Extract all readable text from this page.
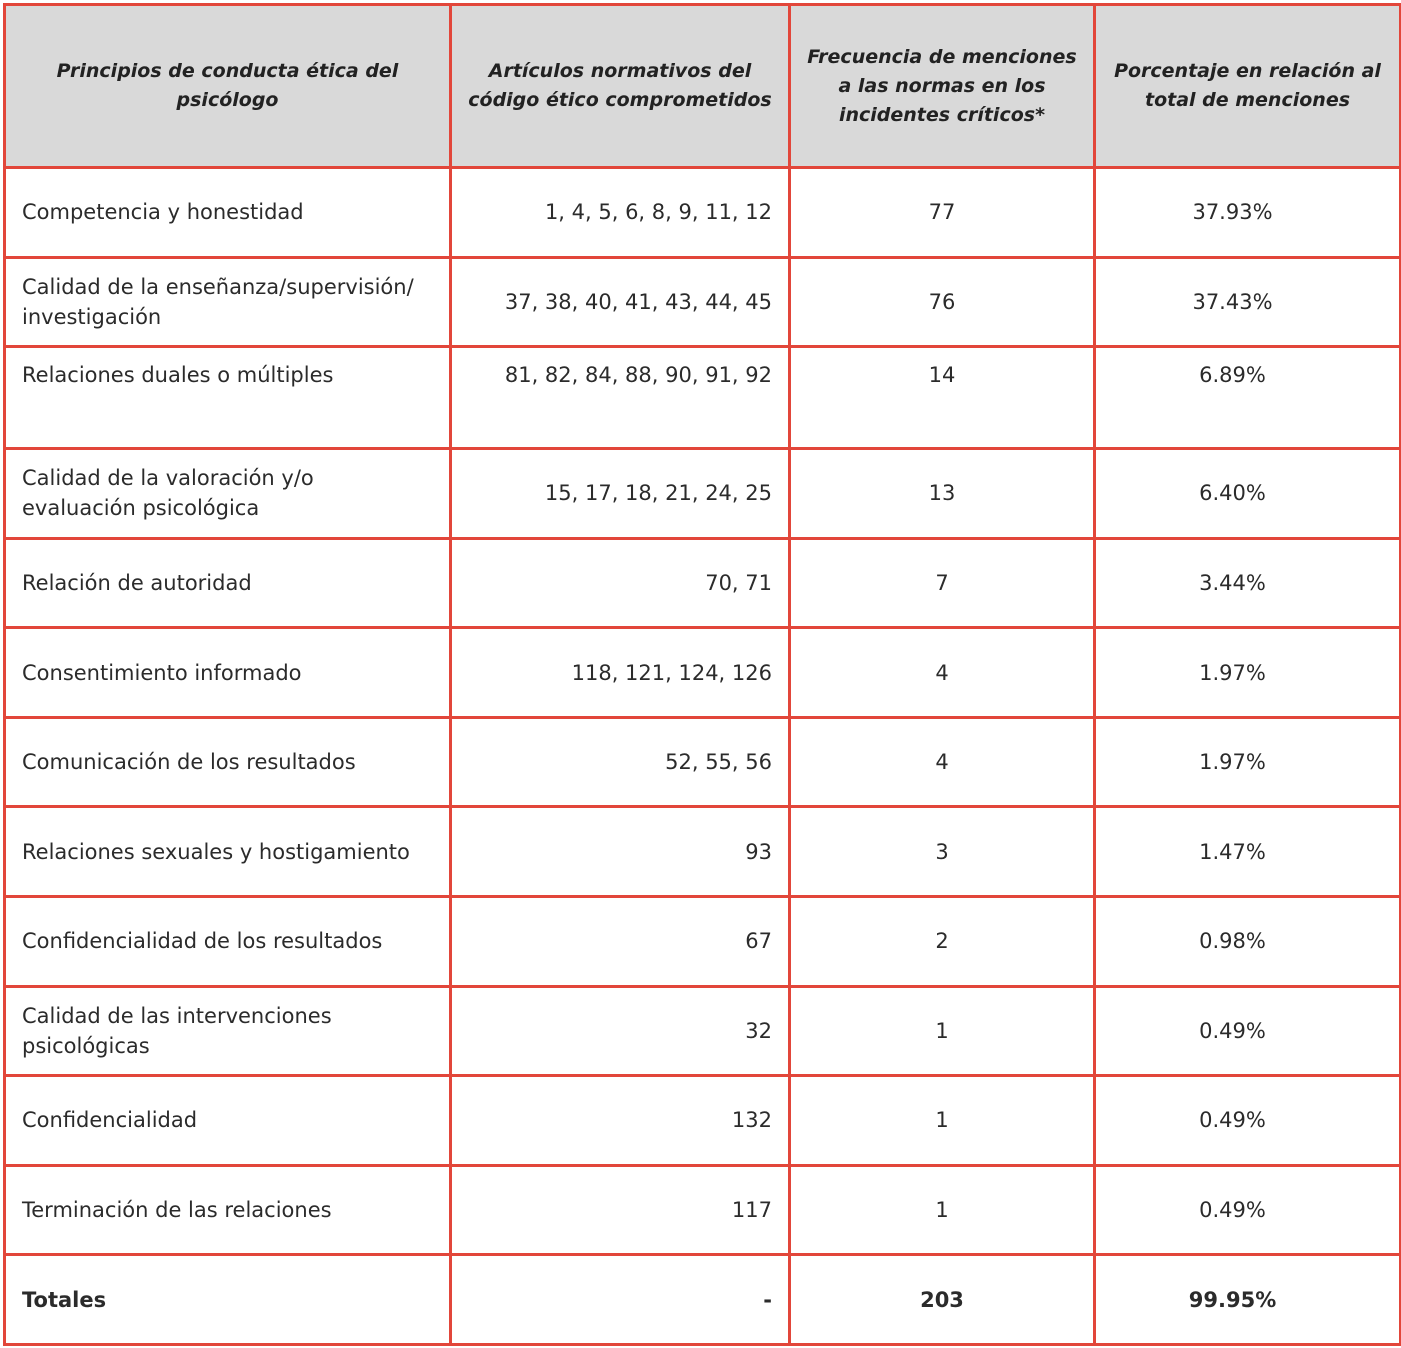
Principios de conducta ética del psicólogo	Artículos normativos del código ético comprometidos	Frecuencia de menciones a las normas en los incidentes críticos*	Porcentaje en relación al total de menciones
Competencia y honestidad	1, 4, 5, 6, 8, 9, 11, 12	77	37.93%
Calidad de la enseñanza/supervisión/ investigación	37, 38, 40, 41, 43, 44, 45	76	37.43%
Relaciones duales o múltiples	81, 82, 84, 88, 90, 91, 92	14	6.89%
Calidad de la valoración y/o evaluación psicológica	15, 17, 18, 21, 24, 25	13	6.40%
Relación de autoridad	70, 71	7	3.44%
Consentimiento informado	118, 121, 124, 126	4	1.97%
Comunicación de los resultados	52, 55, 56	4	1.97%
Relaciones sexuales y hostigamiento	93	3	1.47%
Confidencialidad de los resultados	67	2	0.98%
Calidad de las intervenciones psicológicas	32	1	0.49%
Confidencialidad	132	1	0.49%
Terminación de las relaciones	117	1	0.49%
Totales	-	203	99.95%
